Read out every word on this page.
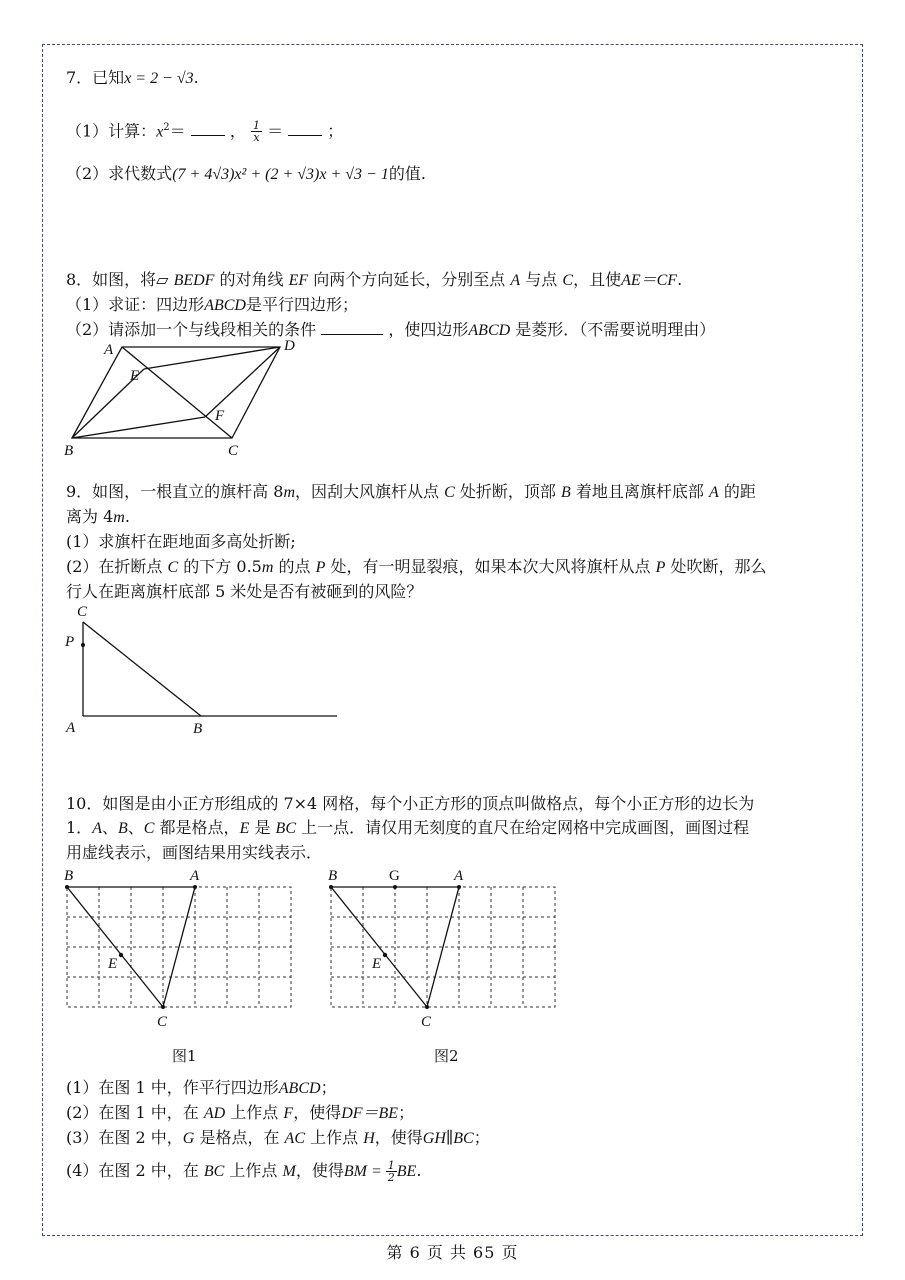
7．已知x = 2 − √3.
（1）计算：$x^2=$	， $\frac{1}{x}$ ＝	；
（2）求代数式(7 + 4√3)x² + (2 + √3)x + √3 − 1的值.
8．如图，将▱ BEDF 的对角线 EF 向两个方向延长，分别至点 A 与点 C，且使AE＝CF.
（1）求证：四边形ABCD是平行四边形；
（2）请添加一个与线段相关的条件	，使四边形ABCD 是菱形．（不需要说明理由）
A	D
E
F
B	C
9．如图，一根直立的旗杆高 8m，因刮大风旗杆从点 C 处折断，顶部 B 着地且离旗杆底部 A 的距
离为 4m.
(1）求旗杆在距地面多高处折断;
(2）在折断点 C 的下方 0.5m 的点 P 处，有一明显裂痕，如果本次大风将旗杆从点 P 处吹断，那么
行人在距离旗杆底部 5 米处是否有被砸到的风险？
C
P
A	B
10．如图是由小正方形组成的 7×4 网格，每个小正方形的顶点叫做格点，每个小正方形的边长为
1．A、B、C 都是格点，E 是 BC 上一点．请仅用无刻度的直尺在给定网格中完成画图，画图过程
用虚线表示，画图结果用实线表示．
B	A
E
C
图1
B	G	A
E
C
图2
(1）在图 1 中，作平行四边形ABCD；
(2）在图 1 中，在 AD 上作点 F，使得DF＝BE；
(3）在图 2 中，G 是格点，在 AC 上作点 H，使得GH∥BC；
(4）在图 2 中，在 BC 上作点 M，使得BM = $\frac{1}{2}$ BE.
第 6 页 共 65 页
